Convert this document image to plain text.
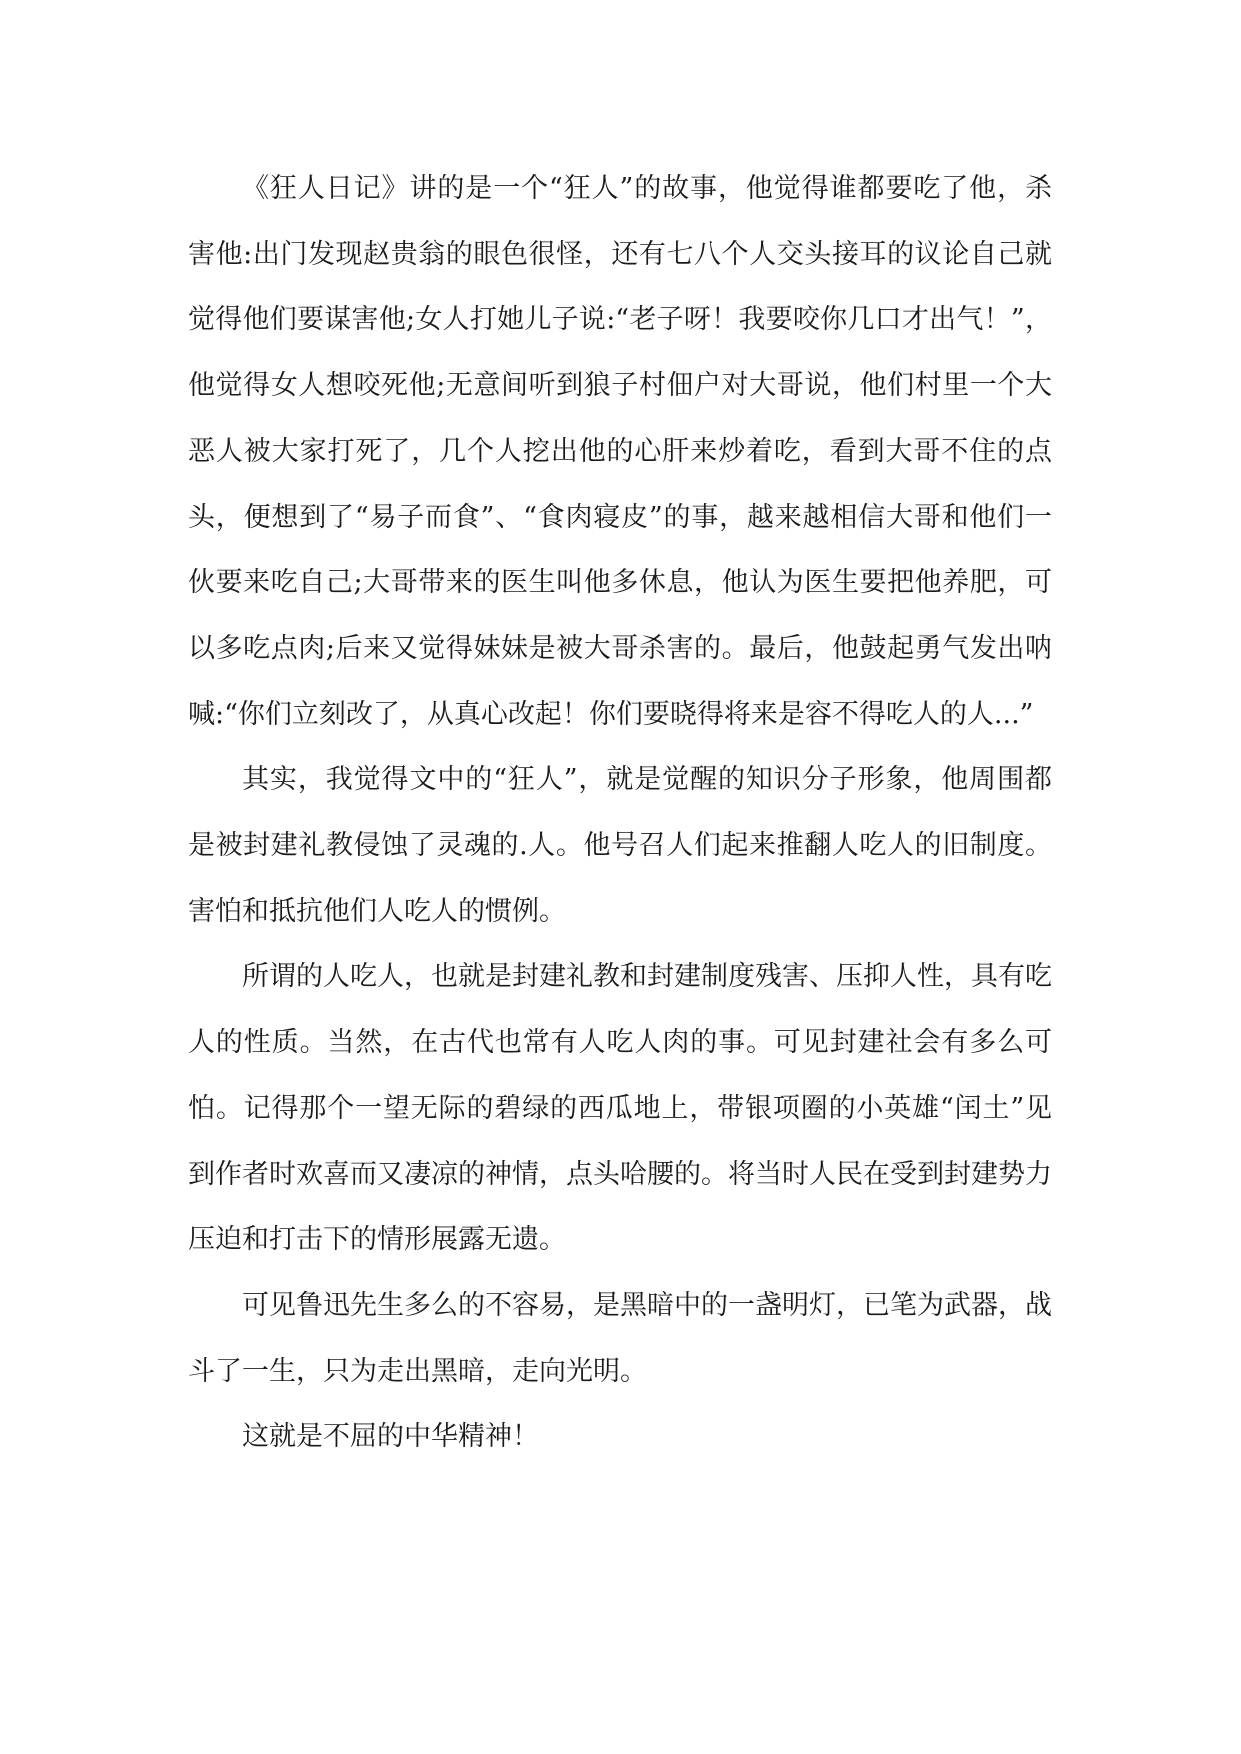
《狂人日记》讲的是一个“狂人”的故事，他觉得谁都要吃了他，杀害他:出门发现赵贵翁的眼色很怪，还有七八个人交头接耳的议论自己就觉得他们要谋害他;女人打她儿子说:“老子呀！我要咬你几口才出气！”，他觉得女人想咬死他;无意间听到狼子村佃户对大哥说，他们村里一个大恶人被大家打死了，几个人挖出他的心肝来炒着吃，看到大哥不住的点头，便想到了“易子而食”、“食肉寝皮”的事，越来越相信大哥和他们一伙要来吃自己;大哥带来的医生叫他多休息，他认为医生要把他养肥，可以多吃点肉;后来又觉得妹妹是被大哥杀害的。最后，他鼓起勇气发出呐喊:“你们立刻改了，从真心改起！你们要晓得将来是容不得吃人的人...”

其实，我觉得文中的“狂人”，就是觉醒的知识分子形象，他周围都是被封建礼教侵蚀了灵魂的.人。他号召人们起来推翻人吃人的旧制度。害怕和抵抗他们人吃人的惯例。

所谓的人吃人，也就是封建礼教和封建制度残害、压抑人性，具有吃人的性质。当然，在古代也常有人吃人肉的事。可见封建社会有多么可怕。记得那个一望无际的碧绿的西瓜地上，带银项圈的小英雄“闰土”见到作者时欢喜而又凄凉的神情，点头哈腰的。将当时人民在受到封建势力压迫和打击下的情形展露无遗。

可见鲁迅先生多么的不容易，是黑暗中的一盏明灯，已笔为武器，战斗了一生，只为走出黑暗，走向光明。

这就是不屈的中华精神！
